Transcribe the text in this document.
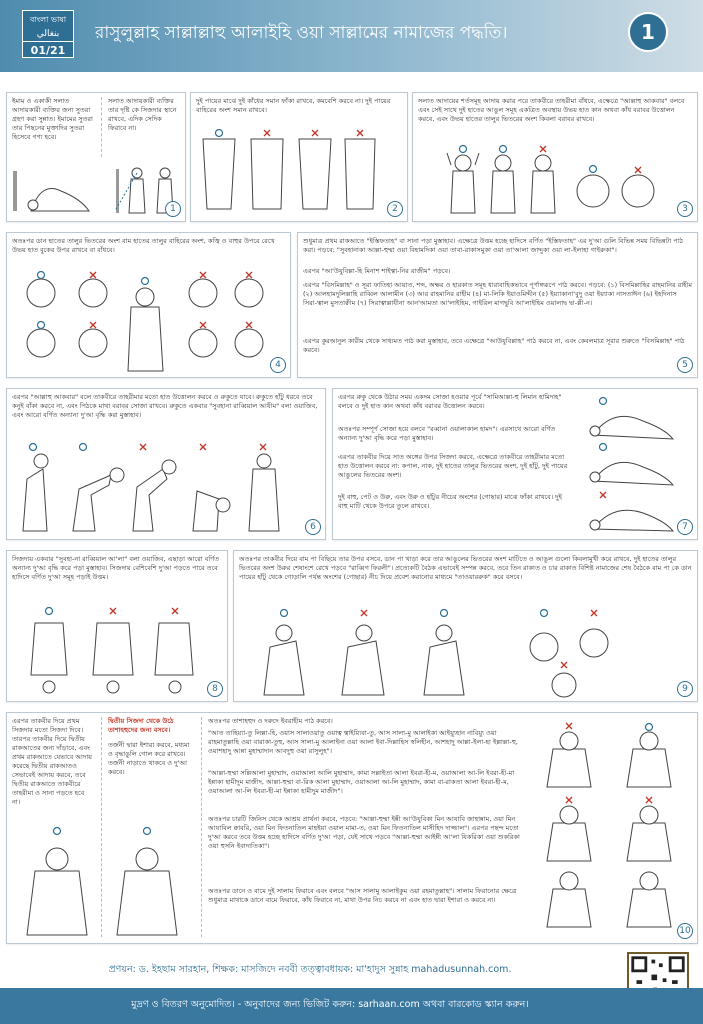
বাংলা ভাষা
بنغالي
01/21
রাসুলুল্লাহ সাল্লাল্লাহু আলাইহি ওয়া সাল্লামের নামাজের পদ্ধতি।	1
ইমাম ও একাকী সলাত আদায়কারী ব্যক্তির জন্য সুতরা গ্রহণ করা সুন্নাত। ইমামের সুতরা তার পিছনের মুক্তাদির সুতরা হিসেবে গণ্য হবে।
সলাত আদায়কারী ব্যক্তির তার দৃষ্টি কে সিজদার স্থানে রাখবে, এদিক সেদিক ফিরাবে না।
1
দুই পায়ের মাঝে দুই কাঁধের সমান ফাঁকা রাখবে, কমবেশি করবে না। দুই পায়ের বাহিরের অংশ সমান রাখবে।
2
সলাত আদায়ের শর্তসমূহ আদায় করার পরে তাকবীরে তাহরীমা বাঁধবে, এক্ষেত্রে "আল্লাহু আকবার" বলবে এবং সেই সাথে দুই হাতের আঙুল সমূহ একত্রিত অবস্থায় উভয় হাত কান অথবা কাঁধ বরাবর উত্তোলন করবে, এবং উভয় হাতের তালুর ভিতরের অংশ কিবলা বরাবর রাখবে।
3
অতঃপর ডান হাতের তালুর ভিতরের অংশ বাম হাতের তালুর বাহিরের অংশ, কজ্বি ও বাহুর উপরে রেখে উভয় হাত বুকের উপর রাখবে বা বাঁধবে।
4
শুধুমাত্র প্রথম রাকআতে "ইস্তিফতাহ" বা সানা পড়া মুস্তাহাব। এক্ষেত্রে উত্তম হচ্ছে হাদিসে বর্ণিত "ইস্তিফতাহ" এর দু'আ গুলি বিভিন্ন সময় বিভিন্নটা পাঠ করা। পড়বে: "সুবহানাকা আল্লা-হুম্মা ওয়া বিহামদিকা ওয়া তাবা-রাকাসমুকা ওয়া তা'আলা জাদ্দুকা ওয়া লা-ইলাহা গাইরুকা"।
এরপর "আ'উযুবিল্লা-হি মিনাশ শাইত্বা-নির রাজীম" পড়বে।
এরপর "বিসমিল্লাহ" ও সূরা ফাতিহা আয়াত, শব্দ, অক্ষর ও হারকাত সমূহ ধারাবাহিকভাবে পূর্ণাঙ্গরূপে পাঠ করবে। পড়বে: (১) বিসমিল্লাহির রাহমানির রাহীম (২) আলহামদুলিল্লাহি রাব্বিল আলামীন (৩) আর রাহমানির রাহীম (৪) মা-লিকি ইয়াওমিদ্দীন (৫) ইয়্যাকানা'বুদু ওয়া ইয়্যাকা নাসতাঈন (৬) ইহদিনাস সিরা-ত্বাল মুসতাক্বীম (৭) সিরাত্বাল্লাযীনা আন'আমতা আ'লাইহিম, গাইরিল মাগদ্বুবি আ'লাইহিম ওয়ালাদ্ব দ্বা-ল্লী-ন।
এরপর কুরআনুল কারীম থেকে সাধ্যমত পাঠ করা মুস্তাহাব, তবে এক্ষেত্রে "আউযুবিল্লাহ" পাঠ করবে না, এবং কেবলমাত্র সূরার শুরুতে "বিসমিল্লাহ" পাঠ করবে।
5
এরপর "আল্লাহু আকবার" বলে তাকবীরে তাহরীমার মতো হাত উত্তোলন করবে ও রুকুতে যাবে। রুকুতে হাঁটু ধরবে তবে কনুই বাঁকা করবে না, এবং পিঠকে মাথা বরাবর সোজা রাখবে। রুকুতে একবার "সুবহানা রাব্বিয়াল আযীম" বলা ওয়াজিব, এবং আরো বর্ণিত অন্যান্য দু'আ বৃদ্ধি করা মুস্তাহাব।
6
এরপর রুকু থেকে উঠার সময় একদম সোজা হওয়ার পূর্বে "সামিআল্লা-হু লিমান হামিদাহ" বলবে ও দুই হাত কান অথবা কাঁধ বরাবর উত্তোলন করবে।
অতঃপর সম্পূর্ণ সোজা হয়ে বলবে "রব্বানা ওয়ালাকাল হামদ"। এরসাথে আরো বর্ণিত অন্যান্য দু'আ বৃদ্ধি করে পড়া মুস্তাহাব।
এরপর তাকবীর দিয়ে সাত অঙ্গের উপর সিজদা করবে, এক্ষেত্রে তাকবীরে তাহরীমার মতো হাত উত্তোলন করবে না: কপাল, নাক, দুই হাতের তালুর ভিতরের অংশ, দুই হাঁটু, দুই পায়ের আঙুলের ভিতরের অংশ।
দুই বাহু, পেট ও উরু, এবং উরু ও হাঁটুর নীচের অংশের (গোছার) মাঝে ফাঁকা রাখবে। দুই বাহু মাটি থেকে উপরে তুলে রাখবে।
7
সিজদায় একবার "সুবহা-না রাব্বিয়াল আ'লা" বলা ওয়াজিব, এছাড়া আরো বর্ণিত অন্যান্য দু'আ বৃদ্ধি করে পড়া মুস্তাহাব। সিজদায় বেশিবেশি দু'আ পড়তে পারে তবে হাদিসে বর্ণিত দু'আ সমূহ পড়াই উত্তম।
8
অতঃপর তাকবীর দিয়ে বাম পা বিছিয়ে তার উপর বসবে, ডান পা খাড়া করে তার আঙুলের ভিতরের অংশ মাটিতে ও আঙুল গুলো কিবলামুখী করে রাখবে, দুই হাতের তালুর ভিতরের অংশ উরুর শেষাংশে রেখে পড়বে "রাব্বিগ ফিরলী"। প্রত্যেকটি বৈঠক এভাবেই সম্পন্ন করবে, তবে তিন রাকাত ও চার রাকাত বিশিষ্ট নামাজের শেষ বৈঠকে বাম পা কে ডান পায়ের হাঁটু থেকে গোড়ালি পর্যন্ত অংশের (গোছার) নীচ দিয়ে প্রবেশ করানোর মাধ্যমে "তাওয়াররুক" করে বসবে।
9
এরপর তাকবীর দিয়ে প্রথম সিজদার মতো সিজদা দিবে। তারপর তাকবীর দিয়ে দ্বিতীয় রাকআতের জন্য দাঁড়াবে, এবং প্রথম রাকআতে যেভাবে আদায় করেছে দ্বিতীয় রাকআতও সেভাবেই আদায় করবে, তবে দ্বিতীয় রাকআতে তাকবীরে তাহরীমা ও সানা পড়তে হবে না।
দ্বিতীয় সিজদা থেকে উঠে তাশাহহুদের জন্য বসবে।
তর্জনী দ্বারা ইশারা করবে, মধ্যমা ও বৃদ্ধাঙুলি গোল করে রাখবে। তর্জনী নাড়াতে থাকবে ও দু'আ করবে।
অতঃপর তাশাহহুদ ও দরুদে ইবরাহীম পাঠ করবে।
"আত তাহিয়্যা-তু লিল্লা-হি, ওয়াস সালাওয়াতু ওয়াত্ব ত্বাইয়্যিবা-তু, আস সালা-মু আলাইকা আইয়্যুহান নাবিয়্যু ওয়া রাহমাতুল্লাহি ওয়া বারাকা-তুহু, আস সালা-মু আলাইনা ওয়া আলা ইবা-দিল্লাহিস স্বলিহীন, আশহাদু আল্লা-ইলা-হা ইল্লাল্লা-হু, ওয়াশহাদু আন্না মুহাম্মাদান আবদুহু ওয়া রাসুলুহ"।
"আল্লা-হুম্মা সল্লিআলা মুহাম্মাদ, ওয়াআলা আলি মুহাম্মাদ, কামা সল্লাইতা আলা ইবরা-হী-ম, ওয়াআলা আ-লি ইবরা-হী-মা ইন্নাকা হামীদুম মাজীদ, আল্লা-হুম্মা বা-রিক আলা মুহাম্মাদ, ওয়াআলা আ-লি মুহাম্মাদ, কামা বা-রাকতা আলা ইবরা-হী-ম, ওয়াআলা আ-লি ইবরা-হী-মা ইন্নাকা হামীদুম মাজীদ"।
অতঃপর চারটি জিনিস থেকে আশ্রয় প্রার্থনা করবে, পড়বে: "আল্লা-হুম্মা ইন্নী আ'উযুবিকা মিন আযাবি জাহান্নাম, ওয়া মিন আযাবিল ক্বাবরি, ওয়া মিন ফিতনাতিল মাহইয়া ওয়াল মামা-ত, ওয়া মিন ফিতনাতিল মাসীহিদ দাজ্জাল"। এরপর পছন্দ মতো দু'আ করবে তবে উত্তম হচ্ছে হাদিসে বর্ণিত দু'আ পড়া, যেই সাথে পড়বে "আল্লা-হুম্মা আইন্নী আ'লা যিকরিকা ওয়া শুকরিকা ওয়া হুসনি ইবাদাতিকা"।
অতঃপর ডানে ও বামে দুই সালাম ফিরাবে এবং বলবে "আস সালামু আলাইকুম ওয়া রহমাতুল্লাহ"। সালাম ফিরানোর ক্ষেত্রে শুধুমাত্র মাথাকে ডানে বামে ফিরাবে, কাঁধ ফিরাবে না, মাথা উপর নিচ করবে না এবং হাত দ্বারা ইশারা ও করবে না।
10
প্রণয়ন: ড. ইহছাম সারহান, শিক্ষক: মাসজিদে নববী তত্ত্বাবধায়ক: মা'হাদুস সুন্নাহ mahadusunnah.com.
মুদ্রণ ও বিতরণ অনুমোদিত। - অনুবাদের জন্য ভিজিট করুন: sarhaan.com অথবা বারকোড স্ক্যান করুন।
